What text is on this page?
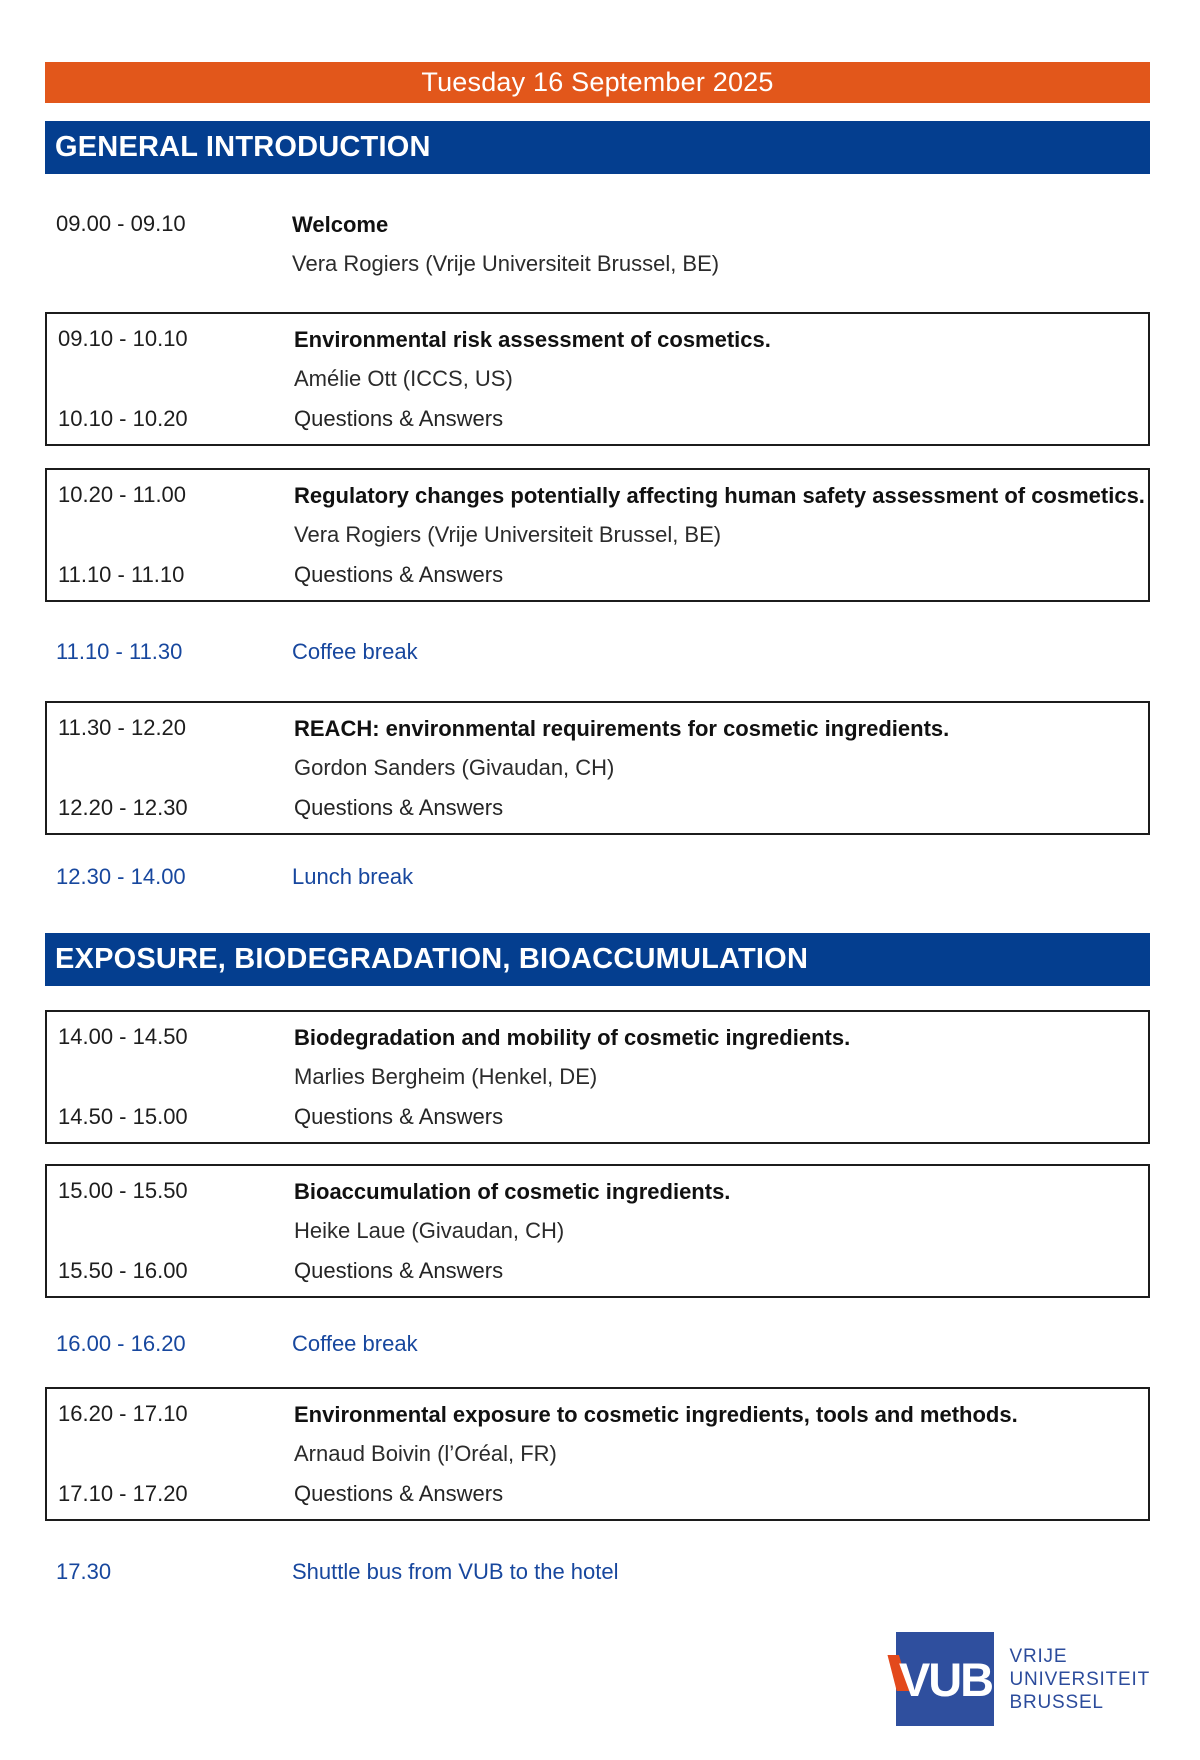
Tuesday 16 September 2025
GENERAL INTRODUCTION
09.00 - 09.10	Welcome
Vera Rogiers (Vrije Universiteit Brussel, BE)
09.10 - 10.10	Environmental risk assessment of cosmetics.
Amélie Ott (ICCS, US)
10.10 - 10.20	Questions & Answers
10.20 - 11.00	Regulatory changes potentially affecting human safety assessment of cosmetics.
Vera Rogiers (Vrije Universiteit Brussel, BE)
11.10 - 11.10	Questions & Answers
11.10 - 11.30	Coffee break
11.30 - 12.20	REACH: environmental requirements for cosmetic ingredients.
Gordon Sanders (Givaudan, CH)
12.20 - 12.30	Questions & Answers
12.30 - 14.00	Lunch break
EXPOSURE, BIODEGRADATION, BIOACCUMULATION
14.00 - 14.50	Biodegradation and mobility of cosmetic ingredients.
Marlies Bergheim (Henkel, DE)
14.50 - 15.00	Questions & Answers
15.00 - 15.50	Bioaccumulation of cosmetic ingredients.
Heike Laue (Givaudan, CH)
15.50 - 16.00	Questions & Answers
16.00 - 16.20	Coffee break
16.20 - 17.10	Environmental exposure to cosmetic ingredients, tools and methods.
Arnaud Boivin (l’Oréal, FR)
17.10 - 17.20	Questions & Answers
17.30	Shuttle bus from VUB to the hotel
VUB VRIJE
UNIVERSITEIT
BRUSSEL
